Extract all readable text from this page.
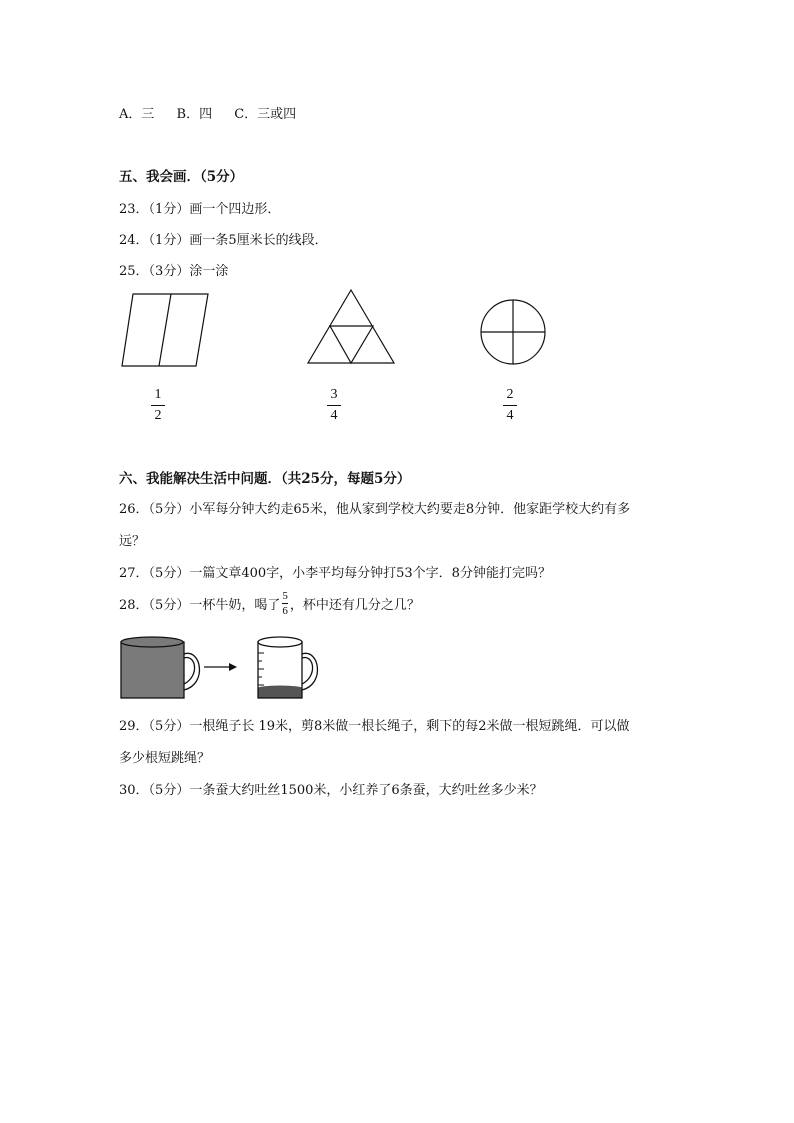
A．三 B．四 C．三或四
五、我会画．（5分）
23．（1分）画一个四边形．
24．（1分）画一条5厘米长的线段．
25．（3分）涂一涂
1
2
3
4
2
4
六、我能解决生活中问题．（共25分，每题5分）
26．（5分）小军每分钟大约走65米，他从家到学校大约要走8分钟．他家距学校大约有多
远？
27．（5分）一篇文章400字，小李平均每分钟打53个字．8分钟能打完吗？
28．（5分）一杯牛奶，喝了 $\frac{5}{6}$ ，杯中还有几分之几？
29．（5分）一根绳子长 19米，剪8米做一根长绳子，剩下的每2米做一根短跳绳．可以做
多少根短跳绳？
30．（5分）一条蚕大约吐丝1500米，小红养了6条蚕，大约吐丝多少米？
